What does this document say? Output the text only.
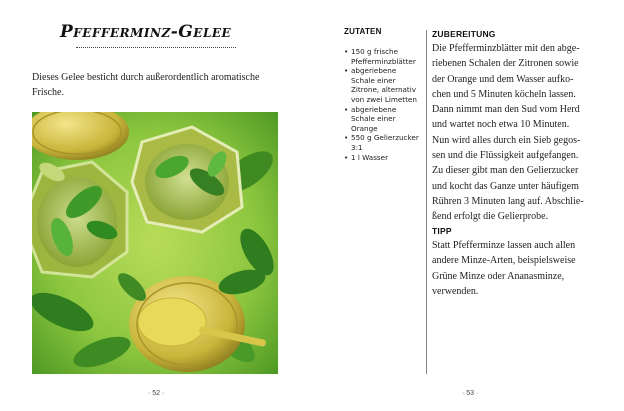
Pfefferminz-Gelee
Dieses Gelee besticht durch außerordentlich aromatische
Frische.
· 52 ·
ZUTATEN
• 150 g frische
Pfefferminzblätter
• abgeriebene
Schale einer
Zitrone, alternativ
von zwei Limetten
• abgeriebene
Schale einer
Orange
• 550 g Gelierzucker
3:1
• 1 l Wasser
ZUBEREITUNG
Die Pfefferminzblätter mit den abge-
riebenen Schalen der Zitronen sowie
der Orange und dem Wasser aufko-
chen und 5 Minuten köcheln lassen.
Dann nimmt man den Sud vom Herd
und wartet noch etwa 10 Minuten.
Nun wird alles durch ein Sieb gegos-
sen und die Flüssigkeit aufgefangen.
Zu dieser gibt man den Gelierzucker
und kocht das Ganze unter häufigem
Rühren 3 Minuten lang auf. Abschlie-
ßend erfolgt die Gelierprobe.
TIPP
Statt Pfefferminze lassen auch allen
andere Minze-Arten, beispielsweise
Grüne Minze oder Ananasminze,
verwenden.
· 53 ·
